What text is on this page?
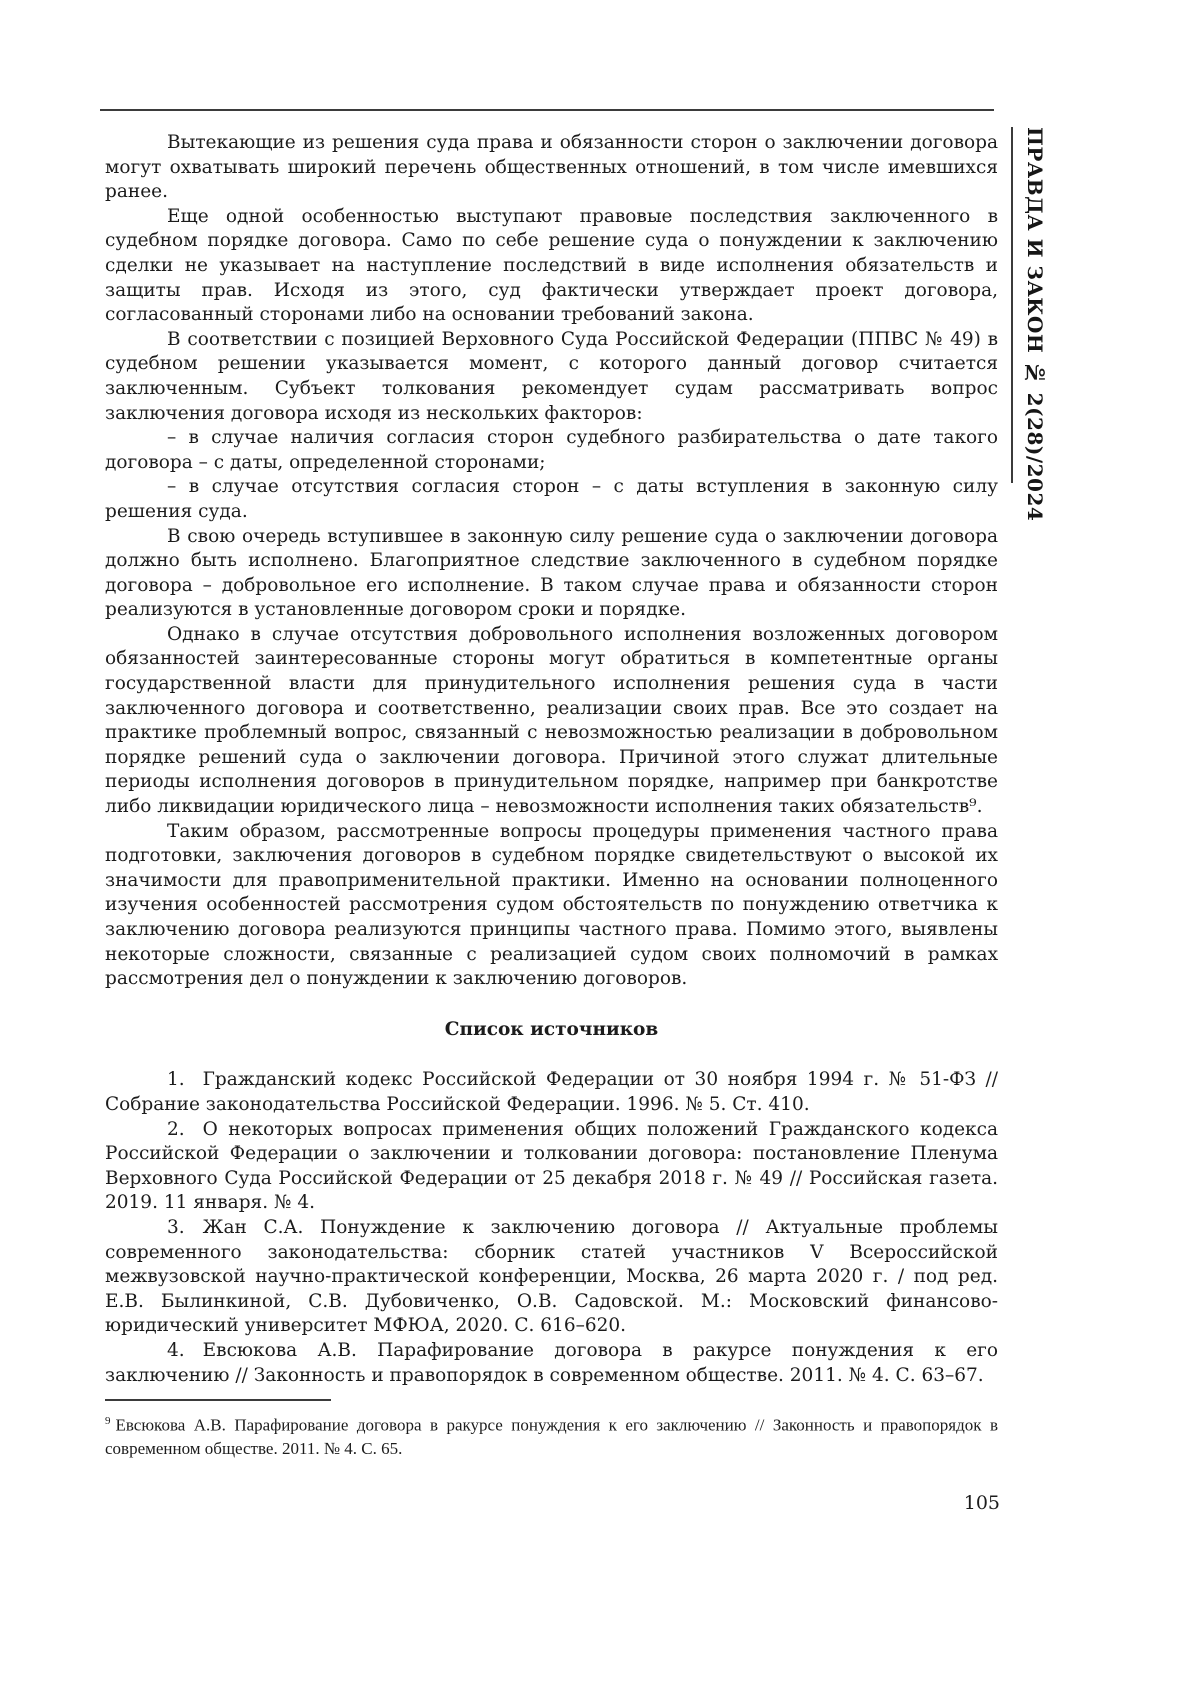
ПРАВДА И ЗАКОН № 2(28)/2024

Вытекающие из решения суда права и обязанности сторон о заключении договора могут охватывать широкий перечень общественных отношений, в том числе имевшихся ранее.

Еще одной особенностью выступают правовые последствия заключенного в судебном порядке договора. Само по себе решение суда о понуждении к заключению сделки не указывает на наступление последствий в виде исполнения обязательств и защиты прав. Исходя из этого, суд фактически утверждает проект договора, согласованный сторонами либо на основании требований закона.

В соответствии с позицией Верховного Суда Российской Федерации (ППВС № 49) в судебном решении указывается момент, с которого данный договор считается заключенным. Субъект толкования рекомендует судам рассматривать вопрос заключения договора исходя из нескольких факторов:

– в случае наличия согласия сторон судебного разбирательства о дате такого договора – с даты, определенной сторонами;

– в случае отсутствия согласия сторон – с даты вступления в законную силу решения суда.

В свою очередь вступившее в законную силу решение суда о заключении договора должно быть исполнено. Благоприятное следствие заключенного в судебном порядке договора – добровольное его исполнение. В таком случае права и обязанности сторон реализуются в установленные договором сроки и порядке.

Однако в случае отсутствия добровольного исполнения возложенных договором обязанностей заинтересованные стороны могут обратиться в компетентные органы государственной власти для принудительного исполнения решения суда в части заключенного договора и соответственно, реализации своих прав. Все это создает на практике проблемный вопрос, связанный с невозможностью реализации в добровольном порядке решений суда о заключении договора. Причиной этого служат длительные периоды исполнения договоров в принудительном порядке, например при банкротстве либо ликвидации юридического лица – невозможности исполнения таких обязательств⁹.

Таким образом, рассмотренные вопросы процедуры применения частного права подготовки, заключения договоров в судебном порядке свидетельствуют о высокой их значимости для правоприменительной практики. Именно на основании полноценного изучения особенностей рассмотрения судом обстоятельств по понуждению ответчика к заключению договора реализуются принципы частного права. Помимо этого, выявлены некоторые сложности, связанные с реализацией судом своих полномочий в рамках рассмотрения дел о понуждении к заключению договоров.

Список источников

1. Гражданский кодекс Российской Федерации от 30 ноября 1994 г. № 51-ФЗ // Собрание законодательства Российской Федерации. 1996. № 5. Ст. 410.

2. О некоторых вопросах применения общих положений Гражданского кодекса Российской Федерации о заключении и толковании договора: постановление Пленума Верховного Суда Российской Федерации от 25 декабря 2018 г. № 49 // Российская газета. 2019. 11 января. № 4.

3. Жан С.А. Понуждение к заключению договора // Актуальные проблемы современного законодательства: сборник статей участников V Всероссийской межвузовской научно-практической конференции, Москва, 26 марта 2020 г. / под ред. Е.В. Былинкиной, С.В. Дубовиченко, О.В. Садовской. М.: Московский финансово-юридический университет МФЮА, 2020. С. 616–620.

4. Евсюкова А.В. Парафирование договора в ракурсе понуждения к его заключению // Законность и правопорядок в современном обществе. 2011. № 4. С. 63–67.

$^9$ Евсюкова А.В. Парафирование договора в ракурсе понуждения к его заключению // Законность и правопорядок в современном обществе. 2011. № 4. С. 65.

105
